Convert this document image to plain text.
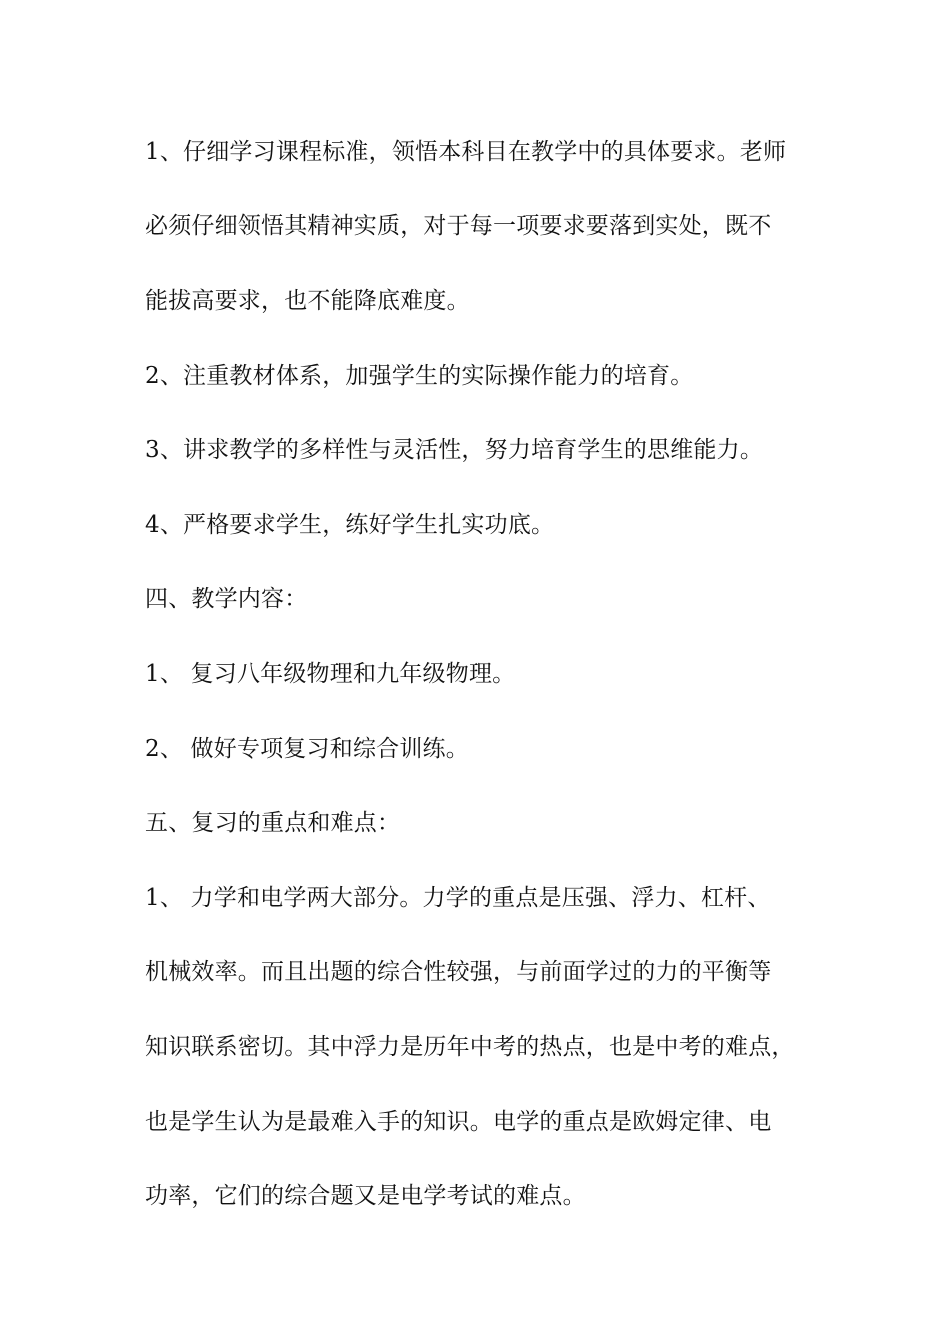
1、仔细学习课程标准，领悟本科目在教学中的具体要求。老师
必须仔细领悟其精神实质，对于每一项要求要落到实处，既不
能拔高要求，也不能降底难度。
2、注重教材体系，加强学生的实际操作能力的培育。
3、讲求教学的多样性与灵活性，努力培育学生的思维能力。
4、严格要求学生，练好学生扎实功底。
四、教学内容：
1、 复习八年级物理和九年级物理。
2、 做好专项复习和综合训练。
五、复习的重点和难点：
1、 力学和电学两大部分。力学的重点是压强、浮力、杠杆、
机械效率。而且出题的综合性较强，与前面学过的力的平衡等
知识联系密切。其中浮力是历年中考的热点，也是中考的难点，
也是学生认为是最难入手的知识。电学的重点是欧姆定律、电
功率，它们的综合题又是电学考试的难点。
